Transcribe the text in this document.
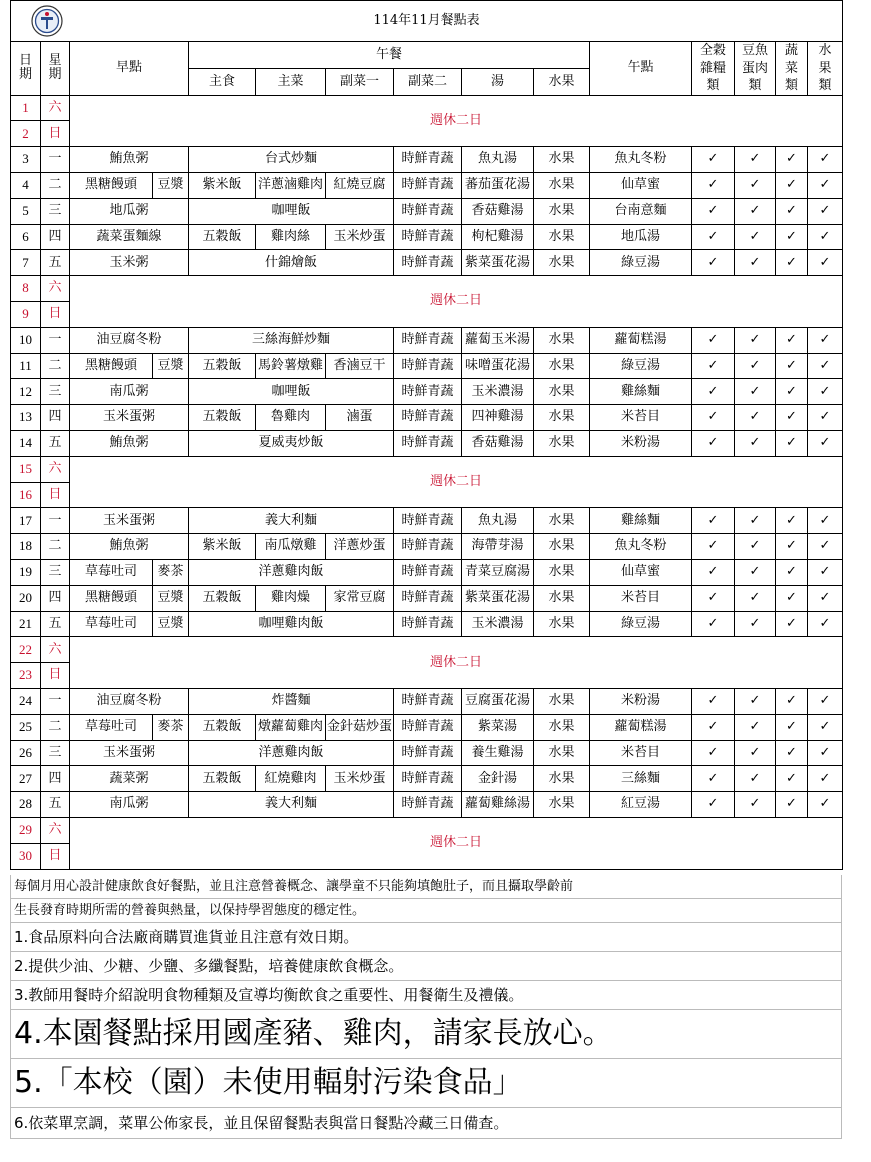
114年11月餐點表														
日期	星期	早點		午餐						午點	全穀雜糧類	豆魚蛋肉類	蔬菜類	水果類
				主食	主菜	副菜一	副菜二	湯	水果					
1	六	週休二日												
2	日													
3	一	鮪魚粥		台式炒麵			時鮮青蔬	魚丸湯	水果	魚丸冬粉	✓	✓	✓	✓
4	二	黑糖饅頭	豆漿	紫米飯	洋蔥滷雞肉	紅燒豆腐	時鮮青蔬	蕃茄蛋花湯	水果	仙草蜜	✓	✓	✓	✓
5	三	地瓜粥		咖哩飯			時鮮青蔬	香菇雞湯	水果	台南意麵	✓	✓	✓	✓
6	四	蔬菜蛋麵線		五穀飯	雞肉絲	玉米炒蛋	時鮮青蔬	枸杞雞湯	水果	地瓜湯	✓	✓	✓	✓
7	五	玉米粥		什錦燴飯			時鮮青蔬	紫菜蛋花湯	水果	綠豆湯	✓	✓	✓	✓
8	六	週休二日												
9	日													
10	一	油豆腐冬粉		三絲海鮮炒麵			時鮮青蔬	蘿蔔玉米湯	水果	蘿蔔糕湯	✓	✓	✓	✓
11	二	黑糖饅頭	豆漿	五穀飯	馬鈴薯燉雞	香滷豆干	時鮮青蔬	味噌蛋花湯	水果	綠豆湯	✓	✓	✓	✓
12	三	南瓜粥		咖哩飯			時鮮青蔬	玉米濃湯	水果	雞絲麵	✓	✓	✓	✓
13	四	玉米蛋粥		五穀飯	魯雞肉	滷蛋	時鮮青蔬	四神雞湯	水果	米苔目	✓	✓	✓	✓
14	五	鮪魚粥		夏威夷炒飯			時鮮青蔬	香菇雞湯	水果	米粉湯	✓	✓	✓	✓
15	六	週休二日												
16	日													
17	一	玉米蛋粥		義大利麵			時鮮青蔬	魚丸湯	水果	雞絲麵	✓	✓	✓	✓
18	二	鮪魚粥		紫米飯	南瓜燉雞	洋蔥炒蛋	時鮮青蔬	海帶芽湯	水果	魚丸冬粉	✓	✓	✓	✓
19	三	草莓吐司	麥茶	洋蔥雞肉飯			時鮮青蔬	青菜豆腐湯	水果	仙草蜜	✓	✓	✓	✓
20	四	黑糖饅頭	豆漿	五穀飯	雞肉燥	家常豆腐	時鮮青蔬	紫菜蛋花湯	水果	米苔目	✓	✓	✓	✓
21	五	草莓吐司	豆漿	咖哩雞肉飯			時鮮青蔬	玉米濃湯	水果	綠豆湯	✓	✓	✓	✓
22	六	週休二日												
23	日													
24	一	油豆腐冬粉		炸醬麵			時鮮青蔬	豆腐蛋花湯	水果	米粉湯	✓	✓	✓	✓
25	二	草莓吐司	麥茶	五穀飯	燉蘿蔔雞肉	金針菇炒蛋	時鮮青蔬	紫菜湯	水果	蘿蔔糕湯	✓	✓	✓	✓
26	三	玉米蛋粥		洋蔥雞肉飯			時鮮青蔬	養生雞湯	水果	米苔目	✓	✓	✓	✓
27	四	蔬菜粥		五穀飯	紅燒雞肉	玉米炒蛋	時鮮青蔬	金針湯	水果	三絲麵	✓	✓	✓	✓
28	五	南瓜粥		義大利麵			時鮮青蔬	蘿蔔雞絲湯	水果	紅豆湯	✓	✓	✓	✓
29	六	週休二日												
30	日													
每個月用心設計健康飲食好餐點，並且注意營養概念、讓學童不只能夠填飽肚子，而且攝取學齡前
生長發育時期所需的營養與熱量，以保持學習態度的穩定性。
1.食品原料向合法廠商購買進貨並且注意有效日期。
2.提供少油、少糖、少鹽、多纖餐點，培養健康飲食概念。
3.教師用餐時介紹說明食物種類及宣導均衡飲食之重要性、用餐衛生及禮儀。
4.本園餐點採用國產豬、雞肉，請家長放心。
5.「本校（園）未使用輻射污染食品」
6.依菜單烹調，菜單公佈家長，並且保留餐點表與當日餐點冷藏三日備查。
